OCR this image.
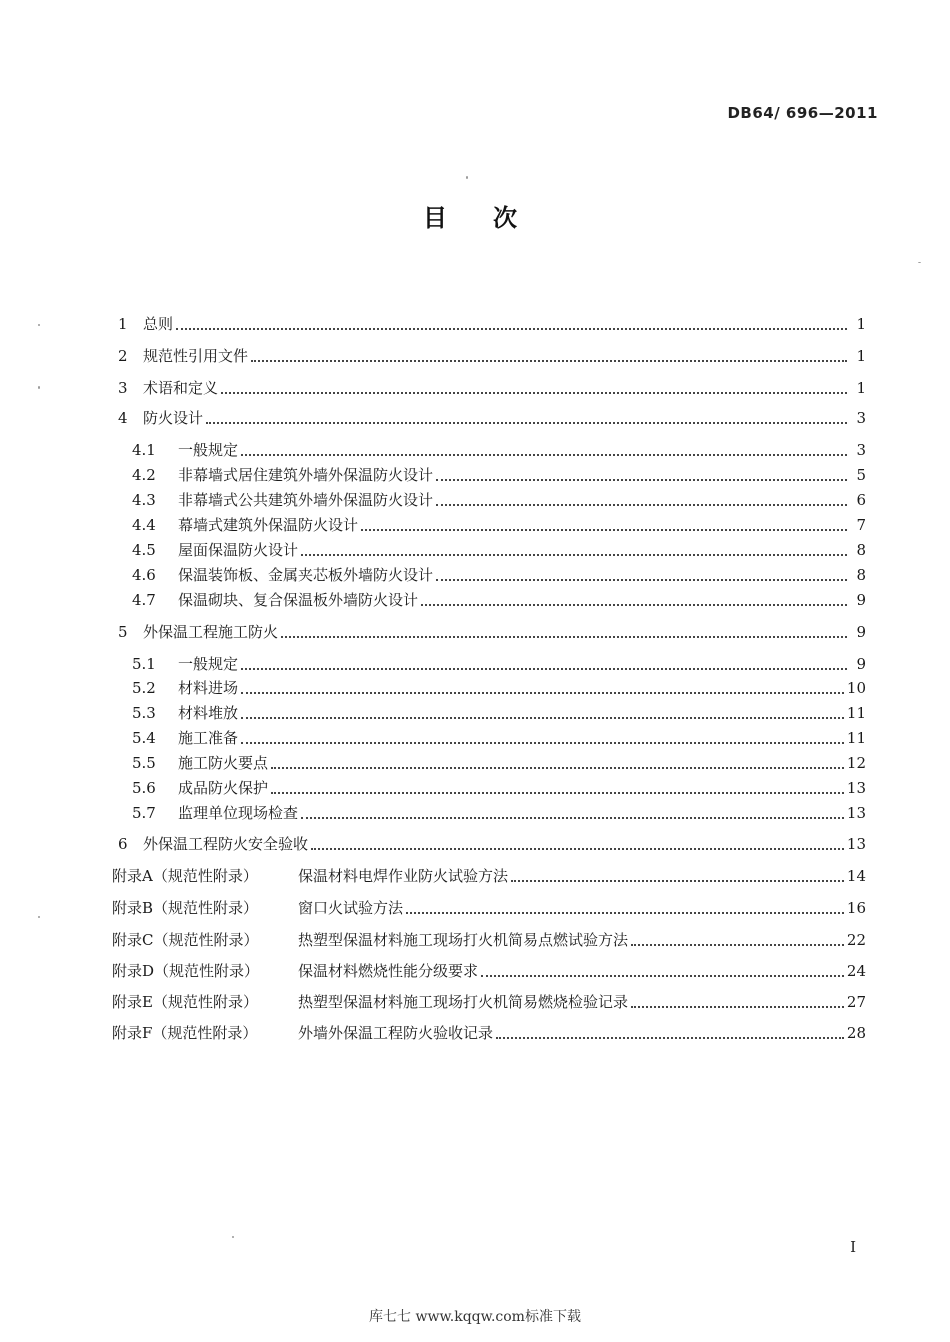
DB64/ 696—2011
目次
1	总则	1
2	规范性引用文件	1
3	术语和定义	1
4	防火设计	3
4.1	一般规定	3
4.2	非幕墙式居住建筑外墙外保温防火设计	5
4.3	非幕墙式公共建筑外墙外保温防火设计	6
4.4	幕墙式建筑外保温防火设计	7
4.5	屋面保温防火设计	8
4.6	保温装饰板、金属夹芯板外墙防火设计	8
4.7	保温砌块、复合保温板外墙防火设计	9
5	外保温工程施工防火	9
5.1	一般规定	9
5.2	材料进场	10
5.3	材料堆放	11
5.4	施工准备	11
5.5	施工防火要点	12
5.6	成品防火保护	13
5.7	监理单位现场检查	13
6	外保温工程防火安全验收	13
附录A（规范性附录）	保温材料电焊作业防火试验方法	14
附录B（规范性附录）	窗口火试验方法	16
附录C（规范性附录）	热塑型保温材料施工现场打火机简易点燃试验方法	22
附录D（规范性附录）	保温材料燃烧性能分级要求	24
附录E（规范性附录）	热塑型保温材料施工现场打火机简易燃烧检验记录	27
附录F（规范性附录）	外墙外保温工程防火验收记录	28
I
库七七 www.kqqw.com标准下载
